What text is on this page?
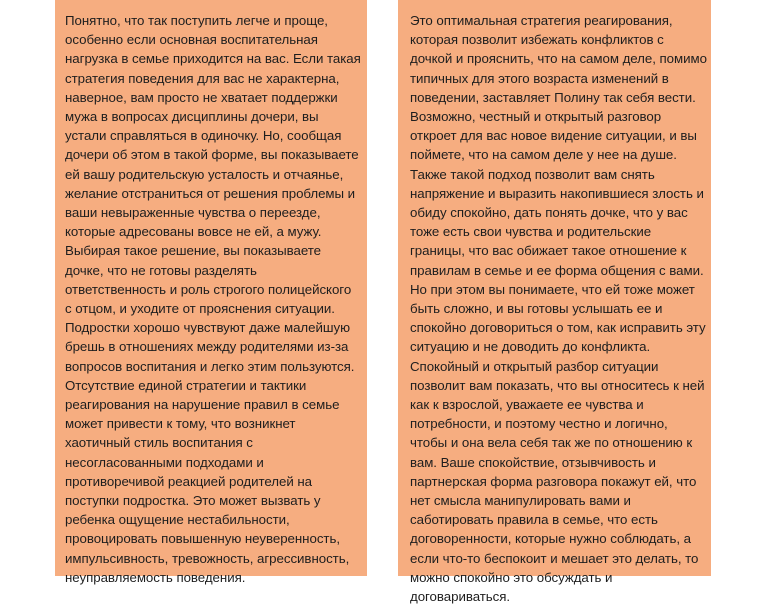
Понятно, что так поступить легче и проще, особенно если основная воспитательная нагрузка в семье приходится на вас. Если такая стратегия поведения для вас не характерна, наверное, вам просто не хватает поддержки мужа в вопросах дисциплины дочери, вы устали справляться в одиночку. Но, сообщая дочери об этом в такой форме, вы показываете ей вашу родительскую усталость и отчаянье, желание отстраниться от решения проблемы и ваши невыраженные чувства о переезде, которые адресованы вовсе не ей, а мужу. Выбирая такое решение, вы показываете дочке, что не готовы разделять ответственность и роль строгого полицейского с отцом, и уходите от прояснения ситуации. Подростки хорошо чувствуют даже малейшую брешь в отношениях между родителями из-за вопросов воспитания и легко этим пользуются. Отсутствие единой стратегии и тактики реагирования на нарушение правил в семье может привести к тому, что возникнет хаотичный стиль воспитания с несогласованными подходами и противоречивой реакцией родителей на поступки подростка. Это может вызвать у ребенка ощущение нестабильности, провоцировать повышенную неуверенность, импульсивность, тревожность, агрессивность, неуправляемость поведения.

Это оптимальная стратегия реагирования, которая позволит избежать конфликтов с дочкой и прояснить, что на самом деле, помимо типичных для этого возраста изменений в поведении, заставляет Полину так себя вести. Возможно, честный и открытый разговор откроет для вас новое видение ситуации, и вы поймете, что на самом деле у нее на душе. Также такой подход позволит вам снять напряжение и выразить накопившиеся злость и обиду спокойно, дать понять дочке, что у вас тоже есть свои чувства и родительские границы, что вас обижает такое отношение к правилам в семье и ее форма общения с вами. Но при этом вы понимаете, что ей тоже может быть сложно, и вы готовы услышать ее и спокойно договориться о том, как исправить эту ситуацию и не доводить до конфликта. Спокойный и открытый разбор ситуации позволит вам показать, что вы относитесь к ней как к взрослой, уважаете ее чувства и потребности, и поэтому честно и логично, чтобы и она вела себя так же по отношению к вам. Ваше спокойствие, отзывчивость и партнерская форма разговора покажут ей, что нет смысла манипулировать вами и саботировать правила в семье, что есть договоренности, которые нужно соблюдать, а если что-то беспокоит и мешает это делать, то можно спокойно это обсуждать и договариваться.
